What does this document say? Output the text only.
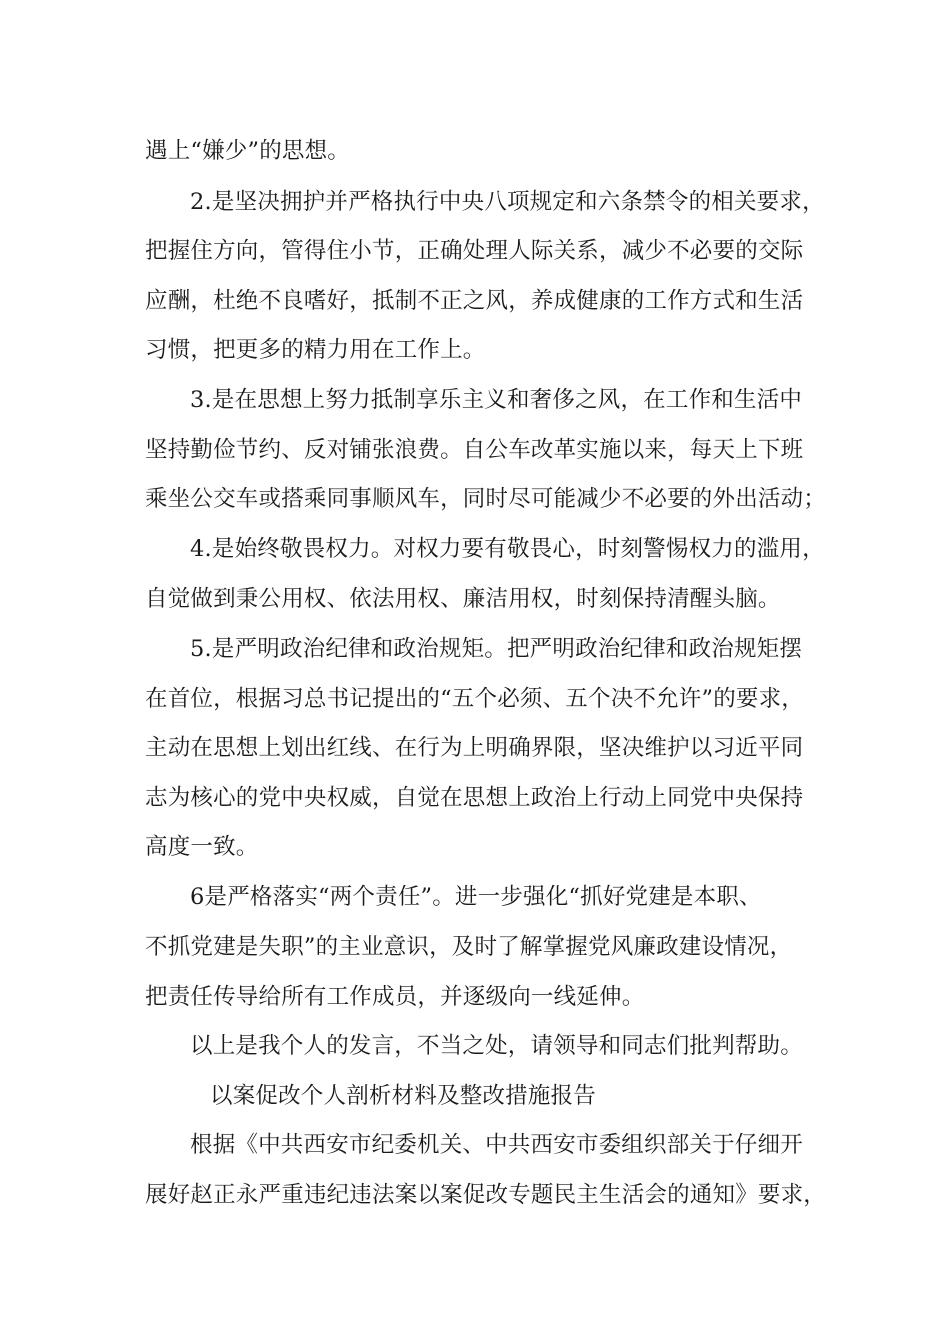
遇上“嫌少”的思想。
2.是坚决拥护并严格执行中央八项规定和六条禁令的相关要求，
把握住方向，管得住小节，正确处理人际关系，减少不必要的交际
应酬，杜绝不良嗜好，抵制不正之风，养成健康的工作方式和生活
习惯，把更多的精力用在工作上。
3.是在思想上努力抵制享乐主义和奢侈之风，在工作和生活中
坚持勤俭节约、反对铺张浪费。自公车改革实施以来，每天上下班
乘坐公交车或搭乘同事顺风车，同时尽可能减少不必要的外出活动；
4.是始终敬畏权力。对权力要有敬畏心，时刻警惕权力的滥用，
自觉做到秉公用权、依法用权、廉洁用权，时刻保持清醒头脑。
5.是严明政治纪律和政治规矩。把严明政治纪律和政治规矩摆
在首位，根据习总书记提出的“五个必须、五个决不允许”的要求，
主动在思想上划出红线、在行为上明确界限，坚决维护以习近平同
志为核心的党中央权威，自觉在思想上政治上行动上同党中央保持
高度一致。
6是严格落实“两个责任”。进一步强化“抓好党建是本职、
不抓党建是失职”的主业意识，及时了解掌握党风廉政建设情况，
把责任传导给所有工作成员，并逐级向一线延伸。
以上是我个人的发言，不当之处，请领导和同志们批判帮助。
以案促改个人剖析材料及整改措施报告
根据《中共西安市纪委机关、中共西安市委组织部关于仔细开
展好赵正永严重违纪违法案以案促改专题民主生活会的通知》要求，
